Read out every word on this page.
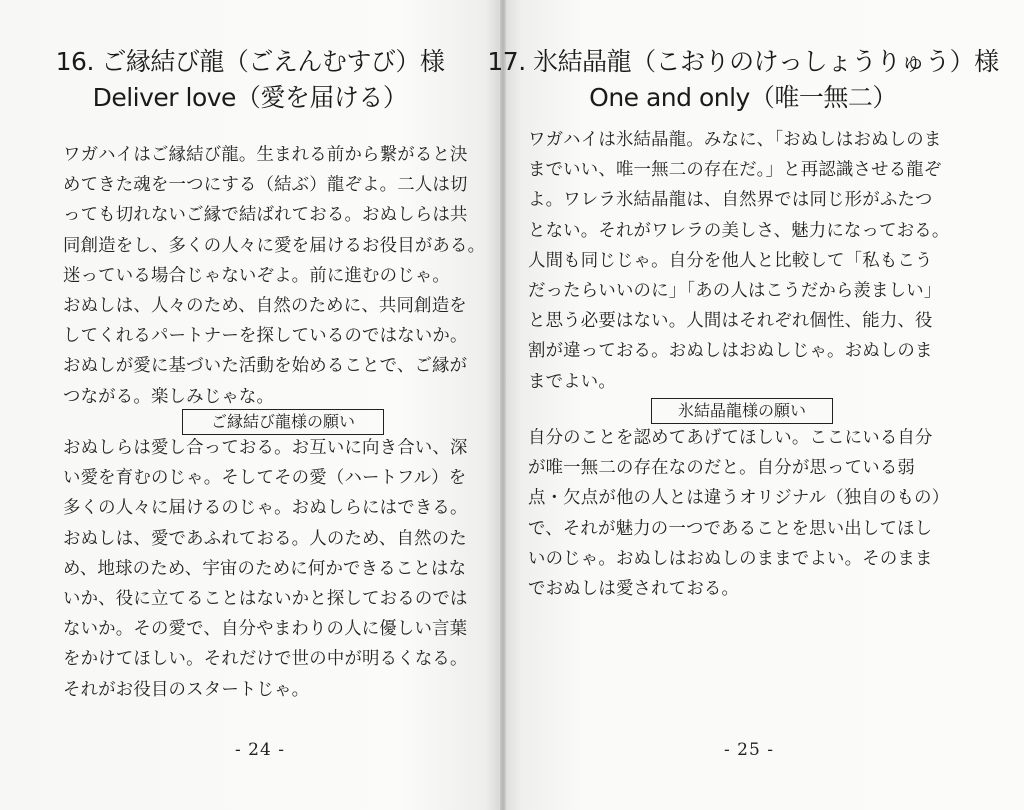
16. ご縁結び龍（ごえんむすび）様
Deliver love（愛を届ける）

ワガハイはご縁結び龍。生まれる前から繋がると決
めてきた魂を一つにする（結ぶ）龍ぞよ。二人は切
っても切れないご縁で結ばれておる。おぬしらは共
同創造をし、多くの人々に愛を届けるお役目がある。
迷っている場合じゃないぞよ。前に進むのじゃ。
おぬしは、人々のため、自然のために、共同創造を
してくれるパートナーを探しているのではないか。
おぬしが愛に基づいた活動を始めることで、ご縁が
つながる。楽しみじゃな。

ご縁結び龍様の願い

おぬしらは愛し合っておる。お互いに向き合い、深
い愛を育むのじゃ。そしてその愛（ハートフル）を
多くの人々に届けるのじゃ。おぬしらにはできる。
おぬしは、愛であふれておる。人のため、自然のた
め、地球のため、宇宙のために何かできることはな
いか、役に立てることはないかと探しておるのでは
ないか。その愛で、自分やまわりの人に優しい言葉
をかけてほしい。それだけで世の中が明るくなる。
それがお役目のスタートじゃ。

- 24 -
17. 氷結晶龍（こおりのけっしょうりゅう）様
One and only（唯一無二）

ワガハイは氷結晶龍。みなに、「おぬしはおぬしのま
までいい、唯一無二の存在だ。」と再認識させる龍ぞ
よ。ワレラ氷結晶龍は、自然界では同じ形がふたつ
とない。それがワレラの美しさ、魅力になっておる。
人間も同じじゃ。自分を他人と比較して「私もこう
だったらいいのに」「あの人はこうだから羨ましい」
と思う必要はない。人間はそれぞれ個性、能力、役
割が違っておる。おぬしはおぬしじゃ。おぬしのま
までよい。

氷結晶龍様の願い

自分のことを認めてあげてほしい。ここにいる自分
が唯一無二の存在なのだと。自分が思っている弱
点・欠点が他の人とは違うオリジナル（独自のもの）
で、それが魅力の一つであることを思い出してほし
いのじゃ。おぬしはおぬしのままでよい。そのまま
でおぬしは愛されておる。

- 25 -
